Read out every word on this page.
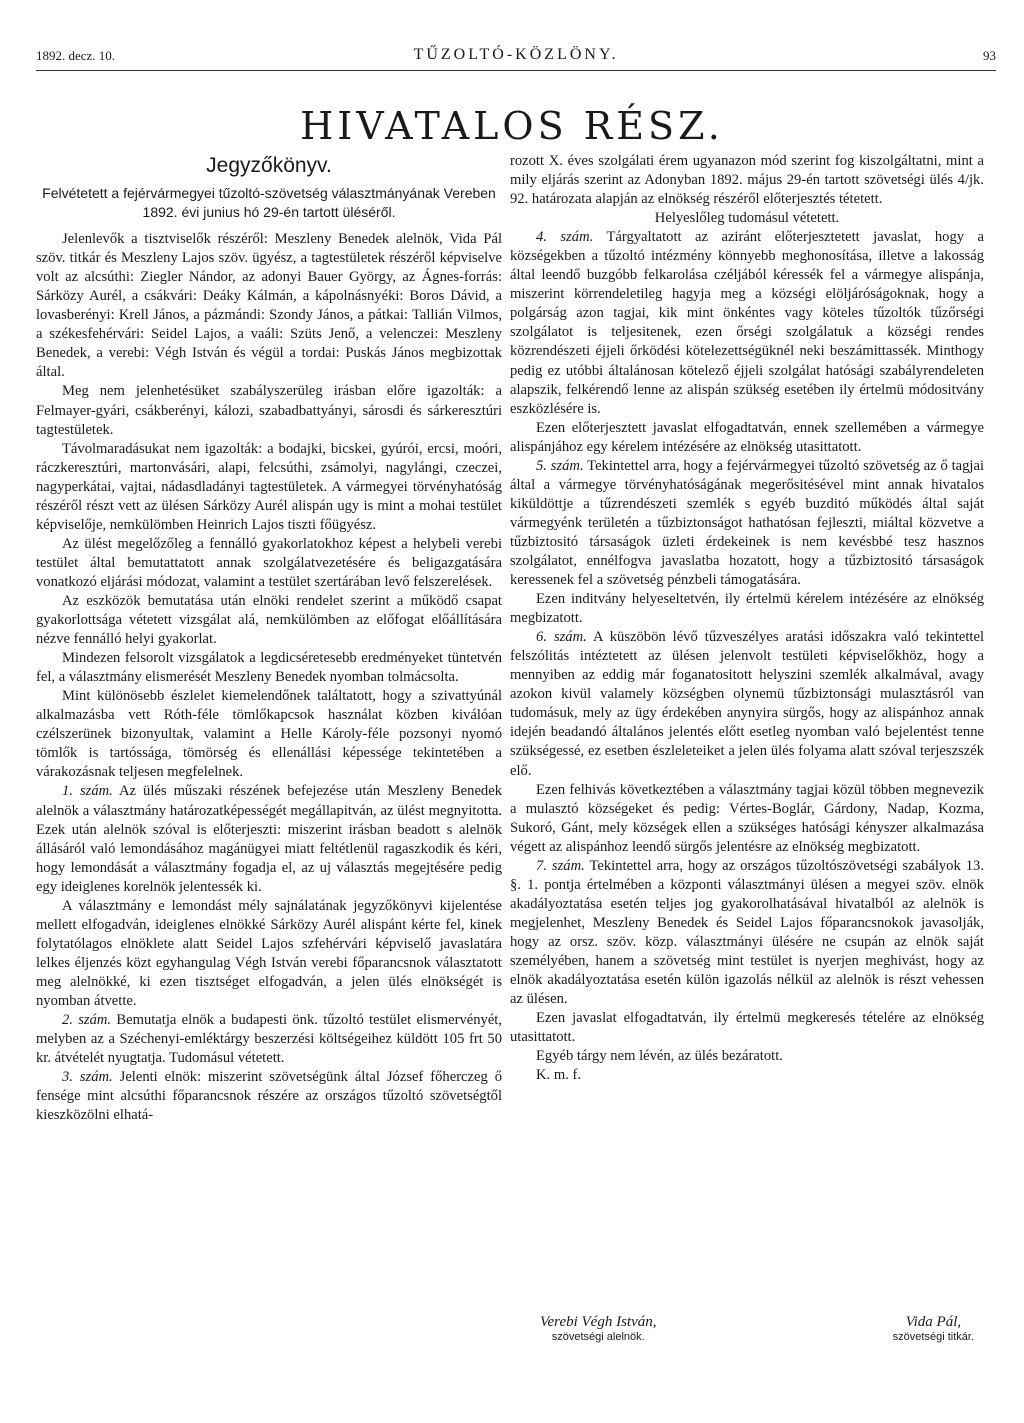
1892. decz. 10.	TŰZOLTÓ-KÖZLÖNY.	93
HIVATALOS RÉSZ.
Jegyzőkönyv.

Felvétetett a fejérvármegyei tűzoltó-szövetség választmányának Vereben 1892. évi junius hó 29-én tartott üléséről.

Jelenlevők a tisztviselők részéről: Meszleny Benedek alelnök, Vida Pál szöv. titkár és Meszleny Lajos szöv. ügyész, a tagtestületek részéről képviselve volt az alcsúthi: Ziegler Nándor, az adonyi Bauer György, az Ágnes-forrás: Sárközy Aurél, a csákvári: Deáky Kálmán, a kápolnásnyéki: Boros Dávid, a lovasberényi: Krell János, a pázmándi: Szondy János, a pátkai: Tallián Vilmos, a székesfehérvári: Seidel Lajos, a vaáli: Szüts Jenő, a velenczei: Meszleny Benedek, a verebi: Végh István és végül a tordai: Puskás János megbizottak által.

Meg nem jelenhetésüket szabályszerüleg irásban előre igazolták: a Felmayer-gyári, csákberényi, kálozi, szabadbattyányi, sárosdi és sárkeresztúri tagtestületek.

Távolmaradásukat nem igazolták: a bodajki, bicskei, gyúrói, ercsi, moóri, ráczkeresztúri, martonvásári, alapi, felcsúthi, zsámolyi, nagylángi, czeczei, nagyperkátai, vajtai, nádasdladányi tagtestületek. A vármegyei törvényhatóság részéről részt vett az ülésen Sárközy Aurél alispán ugy is mint a mohai testület képviselője, nemkülömben Heinrich Lajos tiszti főügyész.

Az ülést megelőzőleg a fennálló gyakorlatokhoz képest a helybeli verebi testület által bemutattatott annak szolgálatvezetésére és beligazgatására vonatkozó eljárási módozat, valamint a testület szertárában levő felszerelések.

Az eszközök bemutatása után elnöki rendelet szerint a működő csapat gyakorlottsága vétetett vizsgálat alá, nemkülömben az előfogat előállítására nézve fennálló helyi gyakorlat.

Mindezen felsorolt vizsgálatok a legdicséretesebb eredményeket tüntetvén fel, a választmány elismerését Meszleny Benedek nyomban tolmácsolta.

Mint különösebb észlelet kiemelendőnek találtatott, hogy a szivattyúnál alkalmazásba vett Róth-féle tömlőkapcsok használat közben kiválóan czélszerünek bizonyultak, valamint a Helle Károly-féle pozsonyi nyomó tömlők is tartóssága, tömörség és ellenállási képessége tekintetében a várakozásnak teljesen megfelelnek.

1. szám. Az ülés műszaki részének befejezése után Meszleny Benedek alelnök a választmány határozatképességét megállapitván, az ülést megnyitotta. Ezek után alelnök szóval is előterjeszti: miszerint irásban beadott s alelnök állásáról való lemondásához magánügyei miatt feltétlenül ragaszkodik és kéri, hogy lemondását a választmány fogadja el, az uj választás megejtésére pedig egy ideiglenes korelnök jelentessék ki.

A választmány e lemondást mély sajnálatának jegyzőkönyvi kijelentése mellett elfogadván, ideiglenes elnökké Sárközy Aurél alispánt kérte fel, kinek folytatólagos elnöklete alatt Seidel Lajos szfehérvári képviselő javaslatára lelkes éljenzés közt egyhangulag Végh István verebi főparancsnok választatott meg alelnökké, ki ezen tisztséget elfogadván, a jelen ülés elnökségét is nyomban átvette.

2. szám. Bemutatja elnök a budapesti önk. tűzoltó testület elismervényét, melyben az a Széchenyi-emléktárgy beszerzési költségeihez küldött 105 frt 50 kr. átvételét nyugtatja. Tudomásul vétetett.

3. szám. Jelenti elnök: miszerint szövetségünk által József főherczeg ő fensége mint alcsúthi főparancsnok részére az országos tűzoltó szövetségtől kieszközölni elhatá-

rozott X. éves szolgálati érem ugyanazon mód szerint fog kiszolgáltatni, mint a mily eljárás szerint az Adonyban 1892. május 29-én tartott szövetségi ülés 4/jk. 92. határozata alapján az elnökség részéről előterjesztés tétetett.

Helyeslőleg tudomásul vétetett.

4. szám. Tárgyaltatott az aziránt előterjesztetett javaslat, hogy a községekben a tűzoltó intézmény könnyebb meghonosítása, illetve a lakosság által leendő buzgóbb felkarolása czéljából kéressék fel a vármegye alispánja, miszerint körrendeletileg hagyja meg a községi elöljáróságoknak, hogy a polgárság azon tagjai, kik mint önkéntes vagy köteles tűzoltók tűzőrségi szolgálatot is teljesitenek, ezen őrségi szolgálatuk a községi rendes közrendészeti éjjeli őrködési kötelezettségüknél neki beszámittassék. Minthogy pedig ez utóbbi általánosan kötelező éjjeli szolgálat hatósági szabályrendeleten alapszik, felkérendő lenne az alispán szükség esetében ily értelmü módositvány eszközlésére is.

Ezen előterjesztett javaslat elfogadtatván, ennek szellemében a vármegye alispánjához egy kérelem intézésére az elnökség utasittatott.

5. szám. Tekintettel arra, hogy a fejérvármegyei tűzoltó szövetség az ő tagjai által a vármegye törvényhatóságának megerősitésével mint annak hivatalos kiküldöttje a tűzrendészeti szemlék s egyéb buzditó működés által saját vármegyénk területén a tűzbiztonságot hathatósan fejleszti, miáltal közvetve a tűzbiztositó társaságok üzleti érdekeinek is nem kevésbbé tesz hasznos szolgálatot, ennélfogva javaslatba hozatott, hogy a tűzbiztositó társaságok keressenek fel a szövetség pénzbeli támogatására.

Ezen inditvány helyeseltetvén, ily értelmü kérelem intézésére az elnökség megbizatott.

6. szám. A küszöbön lévő tűzveszélyes aratási időszakra való tekintettel felszólitás intéztetett az ülésen jelenvolt testületi képviselőkhöz, hogy a mennyiben az eddig már foganatositott helyszini szemlék alkalmával, avagy azokon kivül valamely községben olynemü tűzbiztonsági mulasztásról van tudomásuk, mely az ügy érdekében anynyira sürgős, hogy az alispánhoz annak idején beadandó általános jelentés előtt esetleg nyomban való bejelentést tenne szükségessé, ez esetben észleleteiket a jelen ülés folyama alatt szóval terjeszszék elő.

Ezen felhivás következtében a választmány tagjai közül többen megnevezik a mulasztó községeket és pedig: Vértes-Boglár, Gárdony, Nadap, Kozma, Sukoró, Gánt, mely községek ellen a szükséges hatósági kényszer alkalmazása végett az alispánhoz leendő sürgős jelentésre az elnökség megbizatott.

7. szám. Tekintettel arra, hogy az országos tűzoltószövetségi szabályok 13. §. 1. pontja értelmében a központi választmányi ülésen a megyei szöv. elnök akadályoztatása esetén teljes jog gyakorolhatásával hivatalból az alelnök is megjelenhet, Meszleny Benedek és Seidel Lajos főparancsnokok javasolják, hogy az orsz. szöv. közp. választmányi ülésére ne csupán az elnök saját személyében, hanem a szövetség mint testület is nyerjen meghivást, hogy az elnök akadályoztatása esetén külön igazolás nélkül az alelnök is részt vehessen az ülésen.

Ezen javaslat elfogadtatván, ily értelmü megkeresés tételére az elnökség utasittatott.

Egyéb tárgy nem lévén, az ülés bezáratott.

K. m. f.

Verebi Végh István,
szövetségi alelnök.
Vida Pál,
szövetségi titkár.
